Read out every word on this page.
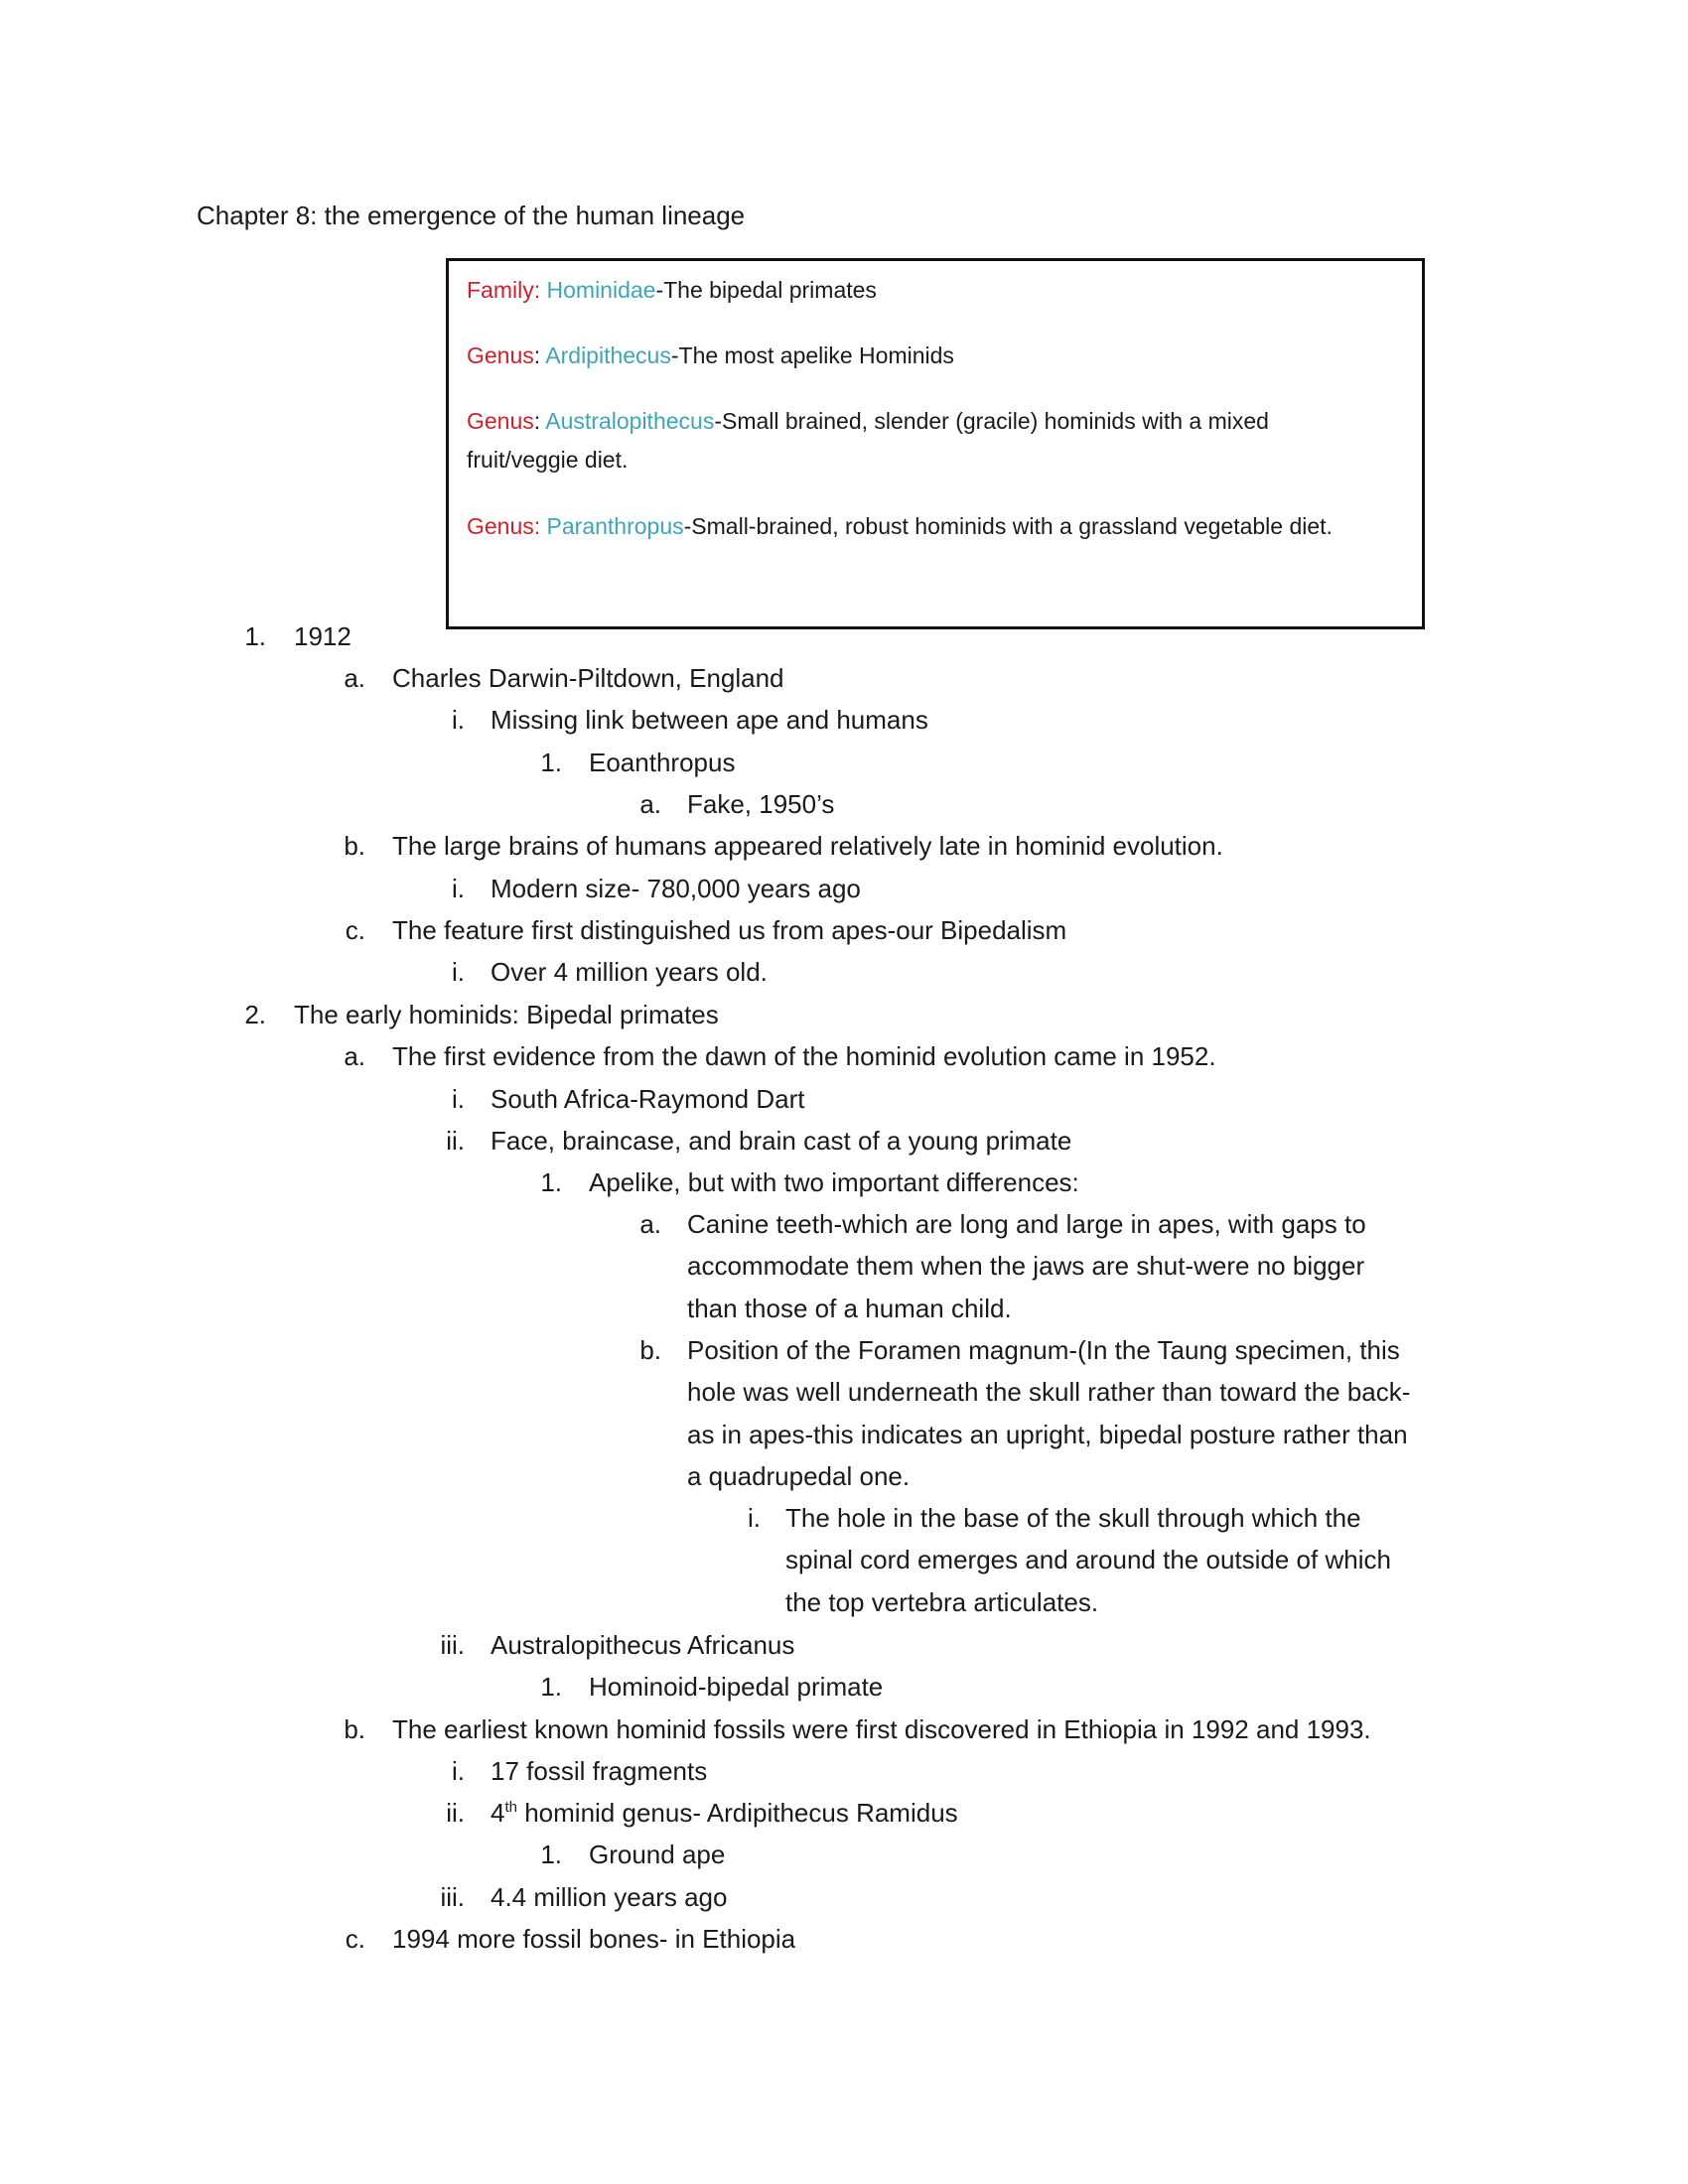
Chapter 8: the emergence of the human lineage
Family: Hominidae-The bipedal primates
Genus: Ardipithecus-The most apelike Hominids
Genus: Australopithecus-Small brained, slender (gracile) hominids with a mixed fruit/veggie diet.
Genus: Paranthropus-Small-brained, robust hominids with a grassland vegetable diet.
1. 1912
a. Charles Darwin-Piltdown, England
i. Missing link between ape and humans
1. Eoanthropus
a. Fake, 1950’s
b. The large brains of humans appeared relatively late in hominid evolution.
i. Modern size- 780,000 years ago
c. The feature first distinguished us from apes-our Bipedalism
i. Over 4 million years old.
2. The early hominids: Bipedal primates
a. The first evidence from the dawn of the hominid evolution came in 1952.
i. South Africa-Raymond Dart
ii. Face, braincase, and brain cast of a young primate
1. Apelike, but with two important differences:
a. Canine teeth-which are long and large in apes, with gaps to
accommodate them when the jaws are shut-were no bigger
than those of a human child.
b. Position of the Foramen magnum-(In the Taung specimen, this
hole was well underneath the skull rather than toward the back-
as in apes-this indicates an upright, bipedal posture rather than
a quadrupedal one.
i. The hole in the base of the skull through which the
spinal cord emerges and around the outside of which
the top vertebra articulates.
iii. Australopithecus Africanus
1. Hominoid-bipedal primate
b. The earliest known hominid fossils were first discovered in Ethiopia in 1992 and 1993.
i. 17 fossil fragments
ii. 4th hominid genus- Ardipithecus Ramidus
1. Ground ape
iii. 4.4 million years ago
c. 1994 more fossil bones- in Ethiopia
